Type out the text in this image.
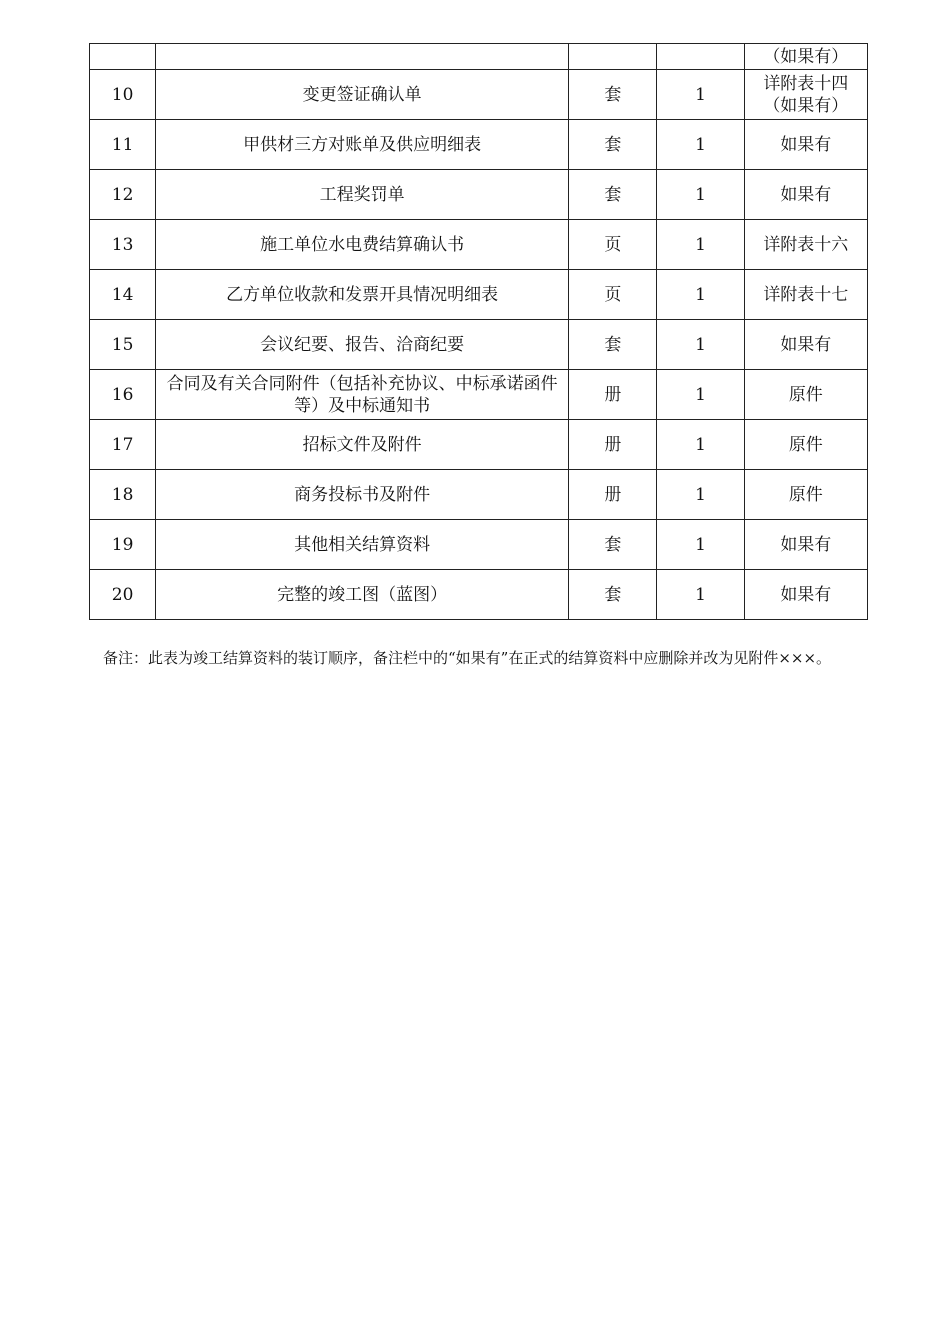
				（如果有）
10	变更签证确认单	套	1	详附表十四
（如果有）

11	甲供材三方对账单及供应明细表	套	1	如果有

12	工程奖罚单	套	1	如果有

13	施工单位水电费结算确认书	页	1	详附表十六

14	乙方单位收款和发票开具情况明细表	页	1	详附表十七

15	会议纪要、报告、洽商纪要	套	1	如果有

16	合同及有关合同附件（包括补充协议、中标承诺函件等）及中标通知书	册	1	原件

17	招标文件及附件	册	1	原件

18	商务投标书及附件	册	1	原件

19	其他相关结算资料	套	1	如果有

20	完整的竣工图（蓝图）	套	1	如果有
备注：此表为竣工结算资料的装订顺序，备注栏中的“如果有”在正式的结算资料中应删除并改为见附件×××。
